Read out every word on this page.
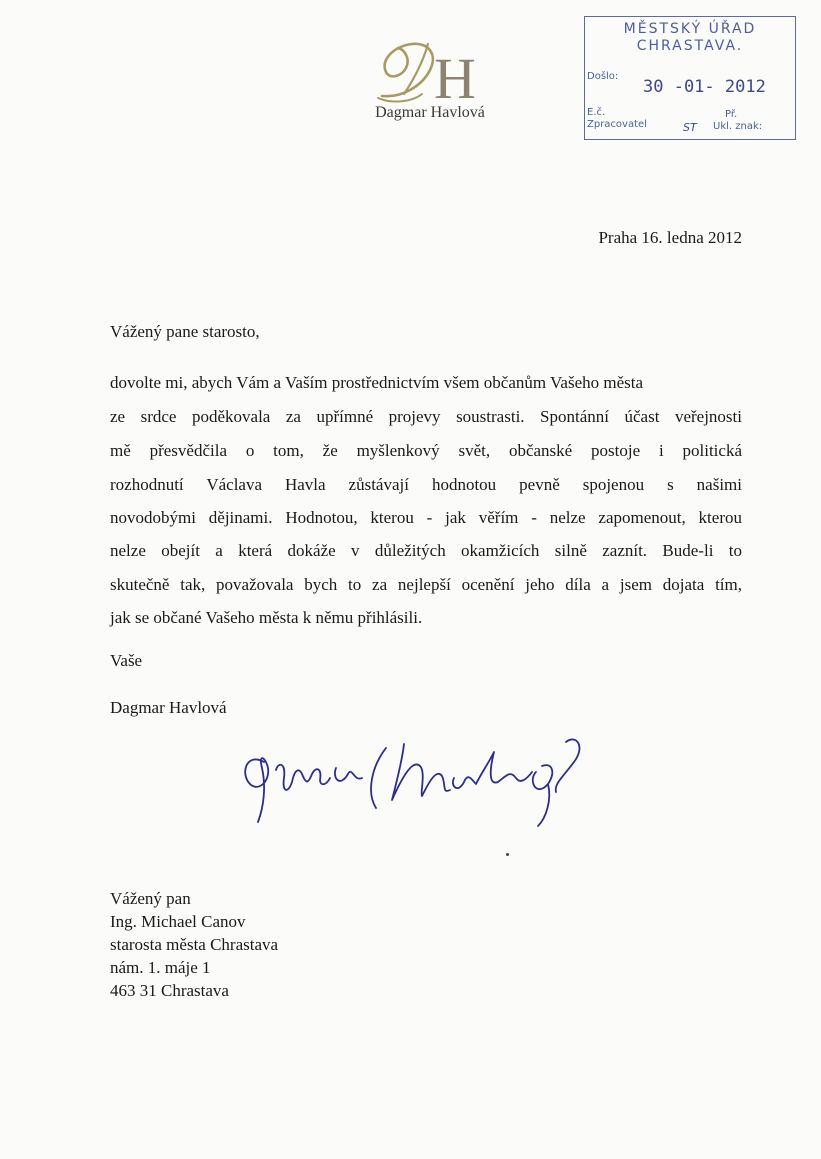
H
Dagmar Havlová
MĚSTSKÝ ÚŘAD
CHRASTAVA.
Došlo:
30 -01- 2012
E.č.
Zpracovatel	ST
Př.
Ukl. znak:
Praha 16. ledna 2012
Vážený pane starosto,
dovolte mi, abych Vám a Vaším prostřednictvím všem občanům Vašeho města
ze srdce poděkovala za upřímné projevy soustrasti. Spontánní účast veřejnosti
mě přesvědčila o tom, že myšlenkový svět, občanské postoje i politická
rozhodnutí Václava Havla zůstávají hodnotou pevně spojenou s našimi
novodobými dějinami. Hodnotou, kterou - jak věřím - nelze zapomenout, kterou
nelze obejít a která dokáže v důležitých okamžicích silně zaznít. Bude-li to
skutečně tak, považovala bych to za nejlepší ocenění jeho díla a jsem dojata tím,
jak se občané Vašeho města k němu přihlásili.
Vaše
Dagmar Havlová
Vážený pan
Ing. Michael Canov
starosta města Chrastava
nám. 1. máje 1
463 31 Chrastava
